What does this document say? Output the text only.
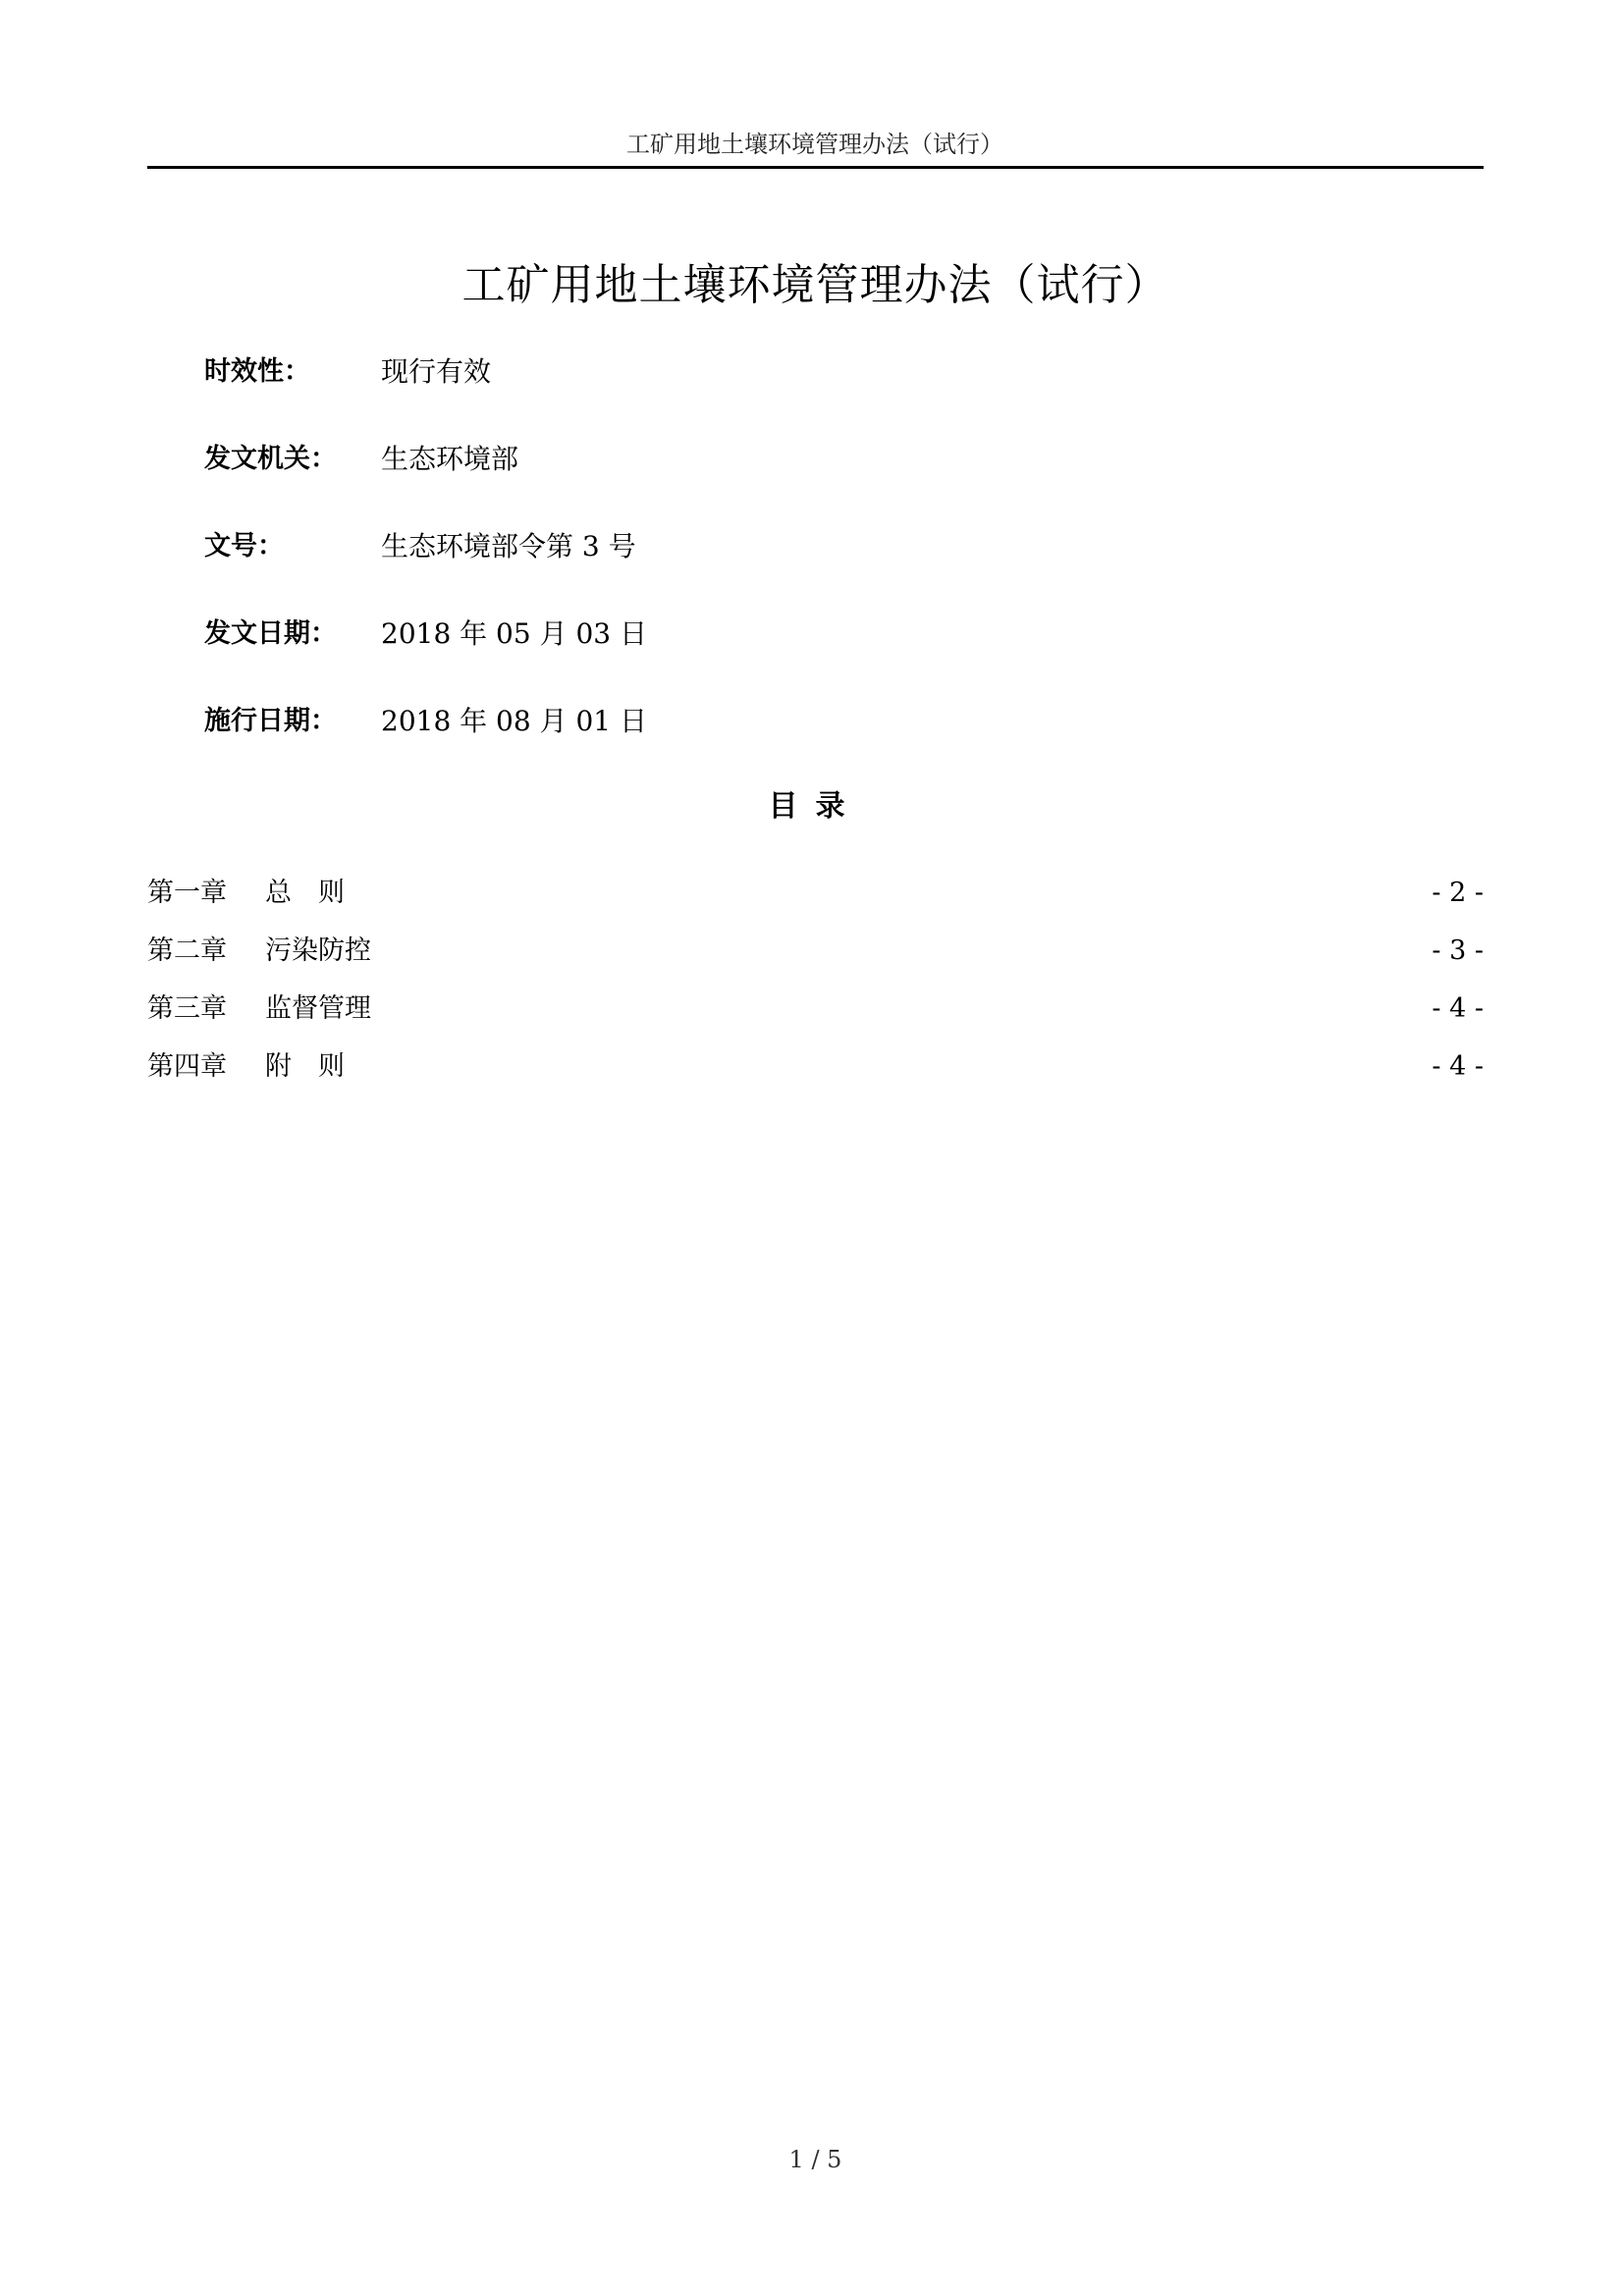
工矿用地土壤环境管理办法（试行）
工矿用地土壤环境管理办法（试行）
时效性：	现行有效
发文机关：	生态环境部
文号：	生态环境部令第 3 号
发文日期：	2018 年 05 月 03 日
施行日期：	2018 年 08 月 01 日
目录
第一章	总　则	- 2 -
第二章	污染防控	- 3 -
第三章	监督管理	- 4 -
第四章	附　则	- 4 -
1 / 5
